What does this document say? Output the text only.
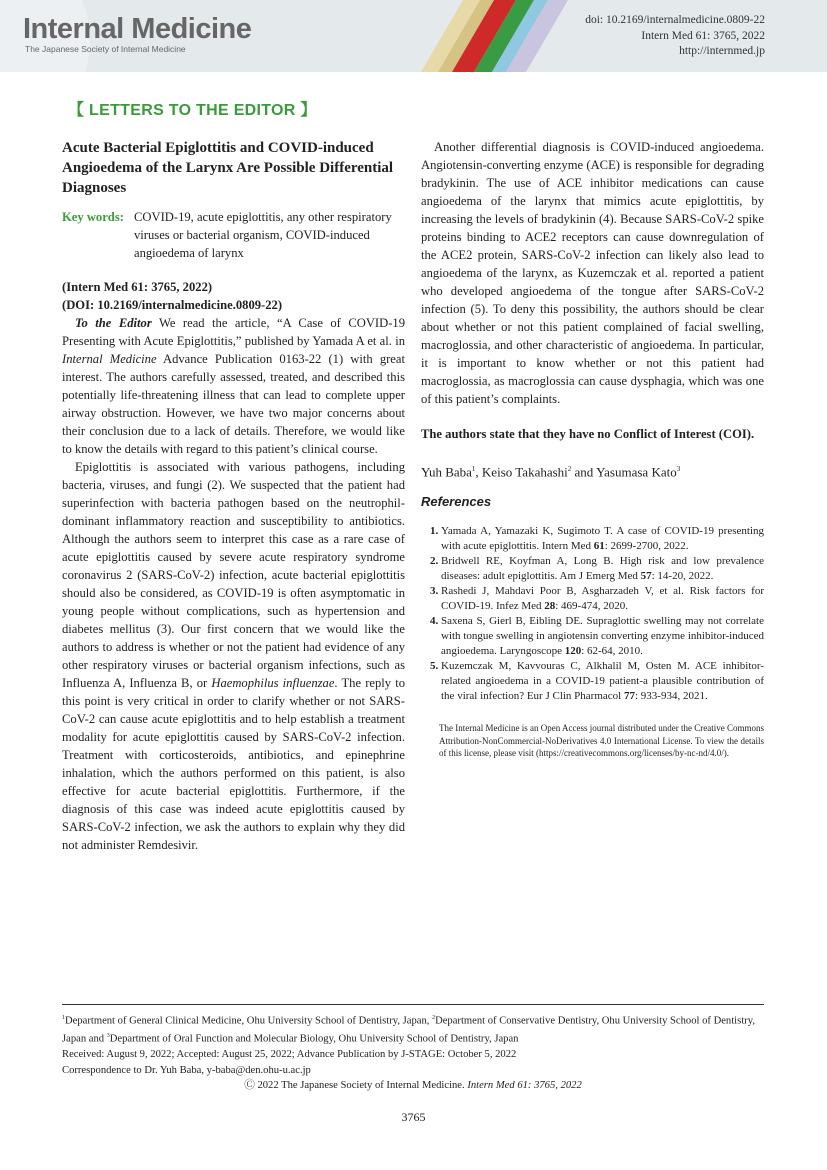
Internal Medicine
The Japanese Society of Internal Medicine
doi: 10.2169/internalmedicine.0809-22
Intern Med 61: 3765, 2022
http://internmed.jp
【 LETTERS TO THE EDITOR 】
Acute Bacterial Epiglottitis and COVID-induced Angioedema of the Larynx Are Possible Differential Diagnoses
Key words: COVID-19, acute epiglottitis, any other respiratory viruses or bacterial organism, COVID-induced angioedema of larynx
(Intern Med 61: 3765, 2022)
(DOI: 10.2169/internalmedicine.0809-22)

To the Editor We read the article, “A Case of COVID-19 Presenting with Acute Epiglottitis,” published by Yamada A et al. in Internal Medicine Advance Publication 0163-22 (1) with great interest. The authors carefully assessed, treated, and described this potentially life-threatening illness that can lead to complete upper airway obstruction. However, we have two major concerns about their conclusion due to a lack of details. Therefore, we would like to know the details with regard to this patient’s clinical course.

Epiglottitis is associated with various pathogens, including bacteria, viruses, and fungi (2). We suspected that the patient had superinfection with bacteria pathogen based on the neutrophil-dominant inflammatory reaction and susceptibility to antibiotics. Although the authors seem to interpret this case as a rare case of acute epiglottitis caused by severe acute respiratory syndrome coronavirus 2 (SARS-CoV-2) infection, acute bacterial epiglottitis should also be considered, as COVID-19 is often asymptomatic in young people without complications, such as hypertension and diabetes mellitus (3). Our first concern that we would like the authors to address is whether or not the patient had evidence of any other respiratory viruses or bacterial organism infections, such as Influenza A, Influenza B, or Haemophilus influenzae. The reply to this point is very critical in order to clarify whether or not SARS-CoV-2 can cause acute epiglottitis and to help establish a treatment modality for acute epiglottitis caused by SARS-CoV-2 infection. Treatment with corticosteroids, antibiotics, and epinephrine inhalation, which the authors performed on this patient, is also effective for acute bacterial epiglottitis. Furthermore, if the diagnosis of this case was indeed acute epiglottitis caused by SARS-CoV-2 infection, we ask the authors to explain why they did not administer Remdesivir.

Another differential diagnosis is COVID-induced angioedema. Angiotensin-converting enzyme (ACE) is responsible for degrading bradykinin. The use of ACE inhibitor medications can cause angioedema of the larynx that mimics acute epiglottitis, by increasing the levels of bradykinin (4). Because SARS-CoV-2 spike proteins binding to ACE2 receptors can cause downregulation of the ACE2 protein, SARS-CoV-2 infection can likely also lead to angioedema of the larynx, as Kuzemczak et al. reported a patient who developed angioedema of the tongue after SARS-CoV-2 infection (5). To deny this possibility, the authors should be clear about whether or not this patient complained of facial swelling, macroglossia, and other characteristic of angioedema. In particular, it is important to know whether or not this patient had macroglossia, as macroglossia can cause dysphagia, which was one of this patient’s complaints.

The authors state that they have no Conflict of Interest (COI).
Yuh Baba$^1$, Keiso Takahashi$^2$ and Yasumasa Kato$^3$
References
1. Yamada A, Yamazaki K, Sugimoto T. A case of COVID-19 presenting with acute epiglottitis. Intern Med 61: 2699-2700, 2022.
2. Bridwell RE, Koyfman A, Long B. High risk and low prevalence diseases: adult epiglottitis. Am J Emerg Med 57: 14-20, 2022.
3. Rashedi J, Mahdavi Poor B, Asgharzadeh V, et al. Risk factors for COVID-19. Infez Med 28: 469-474, 2020.
4. Saxena S, Gierl B, Eibling DE. Supraglottic swelling may not correlate with tongue swelling in angiotensin converting enzyme inhibitor-induced angioedema. Laryngoscope 120: 62-64, 2010.
5. Kuzemczak M, Kavvouras C, Alkhalil M, Osten M. ACE inhibitor-related angioedema in a COVID-19 patient-a plausible contribution of the viral infection? Eur J Clin Pharmacol 77: 933-934, 2021.
The Internal Medicine is an Open Access journal distributed under the Creative Commons Attribution-NonCommercial-NoDerivatives 4.0 International License. To view the details of this license, please visit (https://creativecommons.org/licenses/by-nc-nd/4.0/).
$^1$Department of General Clinical Medicine, Ohu University School of Dentistry, Japan, $^2$Department of Conservative Dentistry, Ohu University School of Dentistry, Japan and $^3$Department of Oral Function and Molecular Biology, Ohu University School of Dentistry, Japan
Received: August 9, 2022; Accepted: August 25, 2022; Advance Publication by J-STAGE: October 5, 2022
Correspondence to Dr. Yuh Baba, y-baba@den.ohu-u.ac.jp
Ⓒ 2022 The Japanese Society of Internal Medicine. Intern Med 61: 3765, 2022
3765
